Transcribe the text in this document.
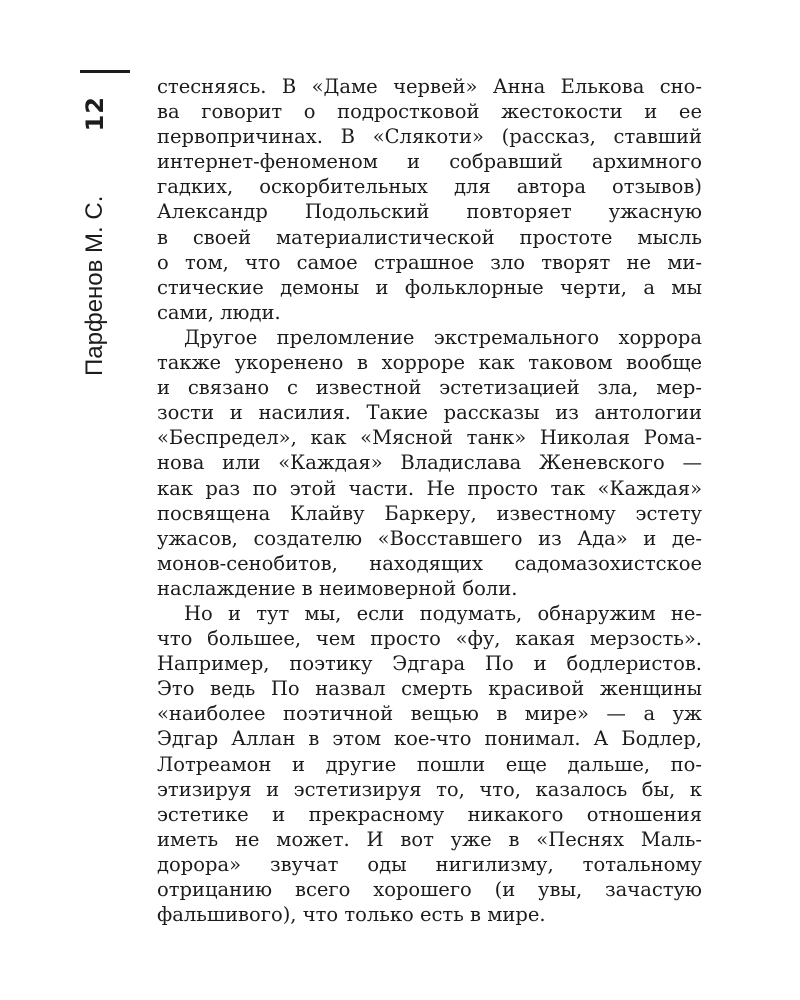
12
Парфенов М. С.
стесняясь. В «Даме червей» Анна Елькова сно-
ва говорит о подростковой жестокости и ее
первопричинах. В «Слякоти» (рассказ, ставший
интернет-феноменом и собравший архимного
гадких, оскорбительных для автора отзывов)
Александр Подольский повторяет ужасную
в своей материалистической простоте мысль
о том, что самое страшное зло творят не ми-
стические демоны и фольклорные черти, а мы
сами, люди.
Другое преломление экстремального хоррора
также укоренено в хорроре как таковом вообще
и связано с известной эстетизацией зла, мер-
зости и насилия. Такие рассказы из антологии
«Беспредел», как «Мясной танк» Николая Рома-
нова или «Каждая» Владислава Женевского —
как раз по этой части. Не просто так «Каждая»
посвящена Клайву Баркеру, известному эстету
ужасов, создателю «Восставшего из Ада» и де-
монов-сенобитов, находящих садомазохистское
наслаждение в неимоверной боли.
Но и тут мы, если подумать, обнаружим не-
что большее, чем просто «фу, какая мерзость».
Например, поэтику Эдгара По и бодлеристов.
Это ведь По назвал смерть красивой женщины
«наиболее поэтичной вещью в мире» — а уж
Эдгар Аллан в этом кое-что понимал. А Бодлер,
Лотреамон и другие пошли еще дальше, по-
этизируя и эстетизируя то, что, казалось бы, к
эстетике и прекрасному никакого отношения
иметь не может. И вот уже в «Песнях Маль-
дорора» звучат оды нигилизму, тотальному
отрицанию всего хорошего (и увы, зачастую
фальшивого), что только есть в мире.
